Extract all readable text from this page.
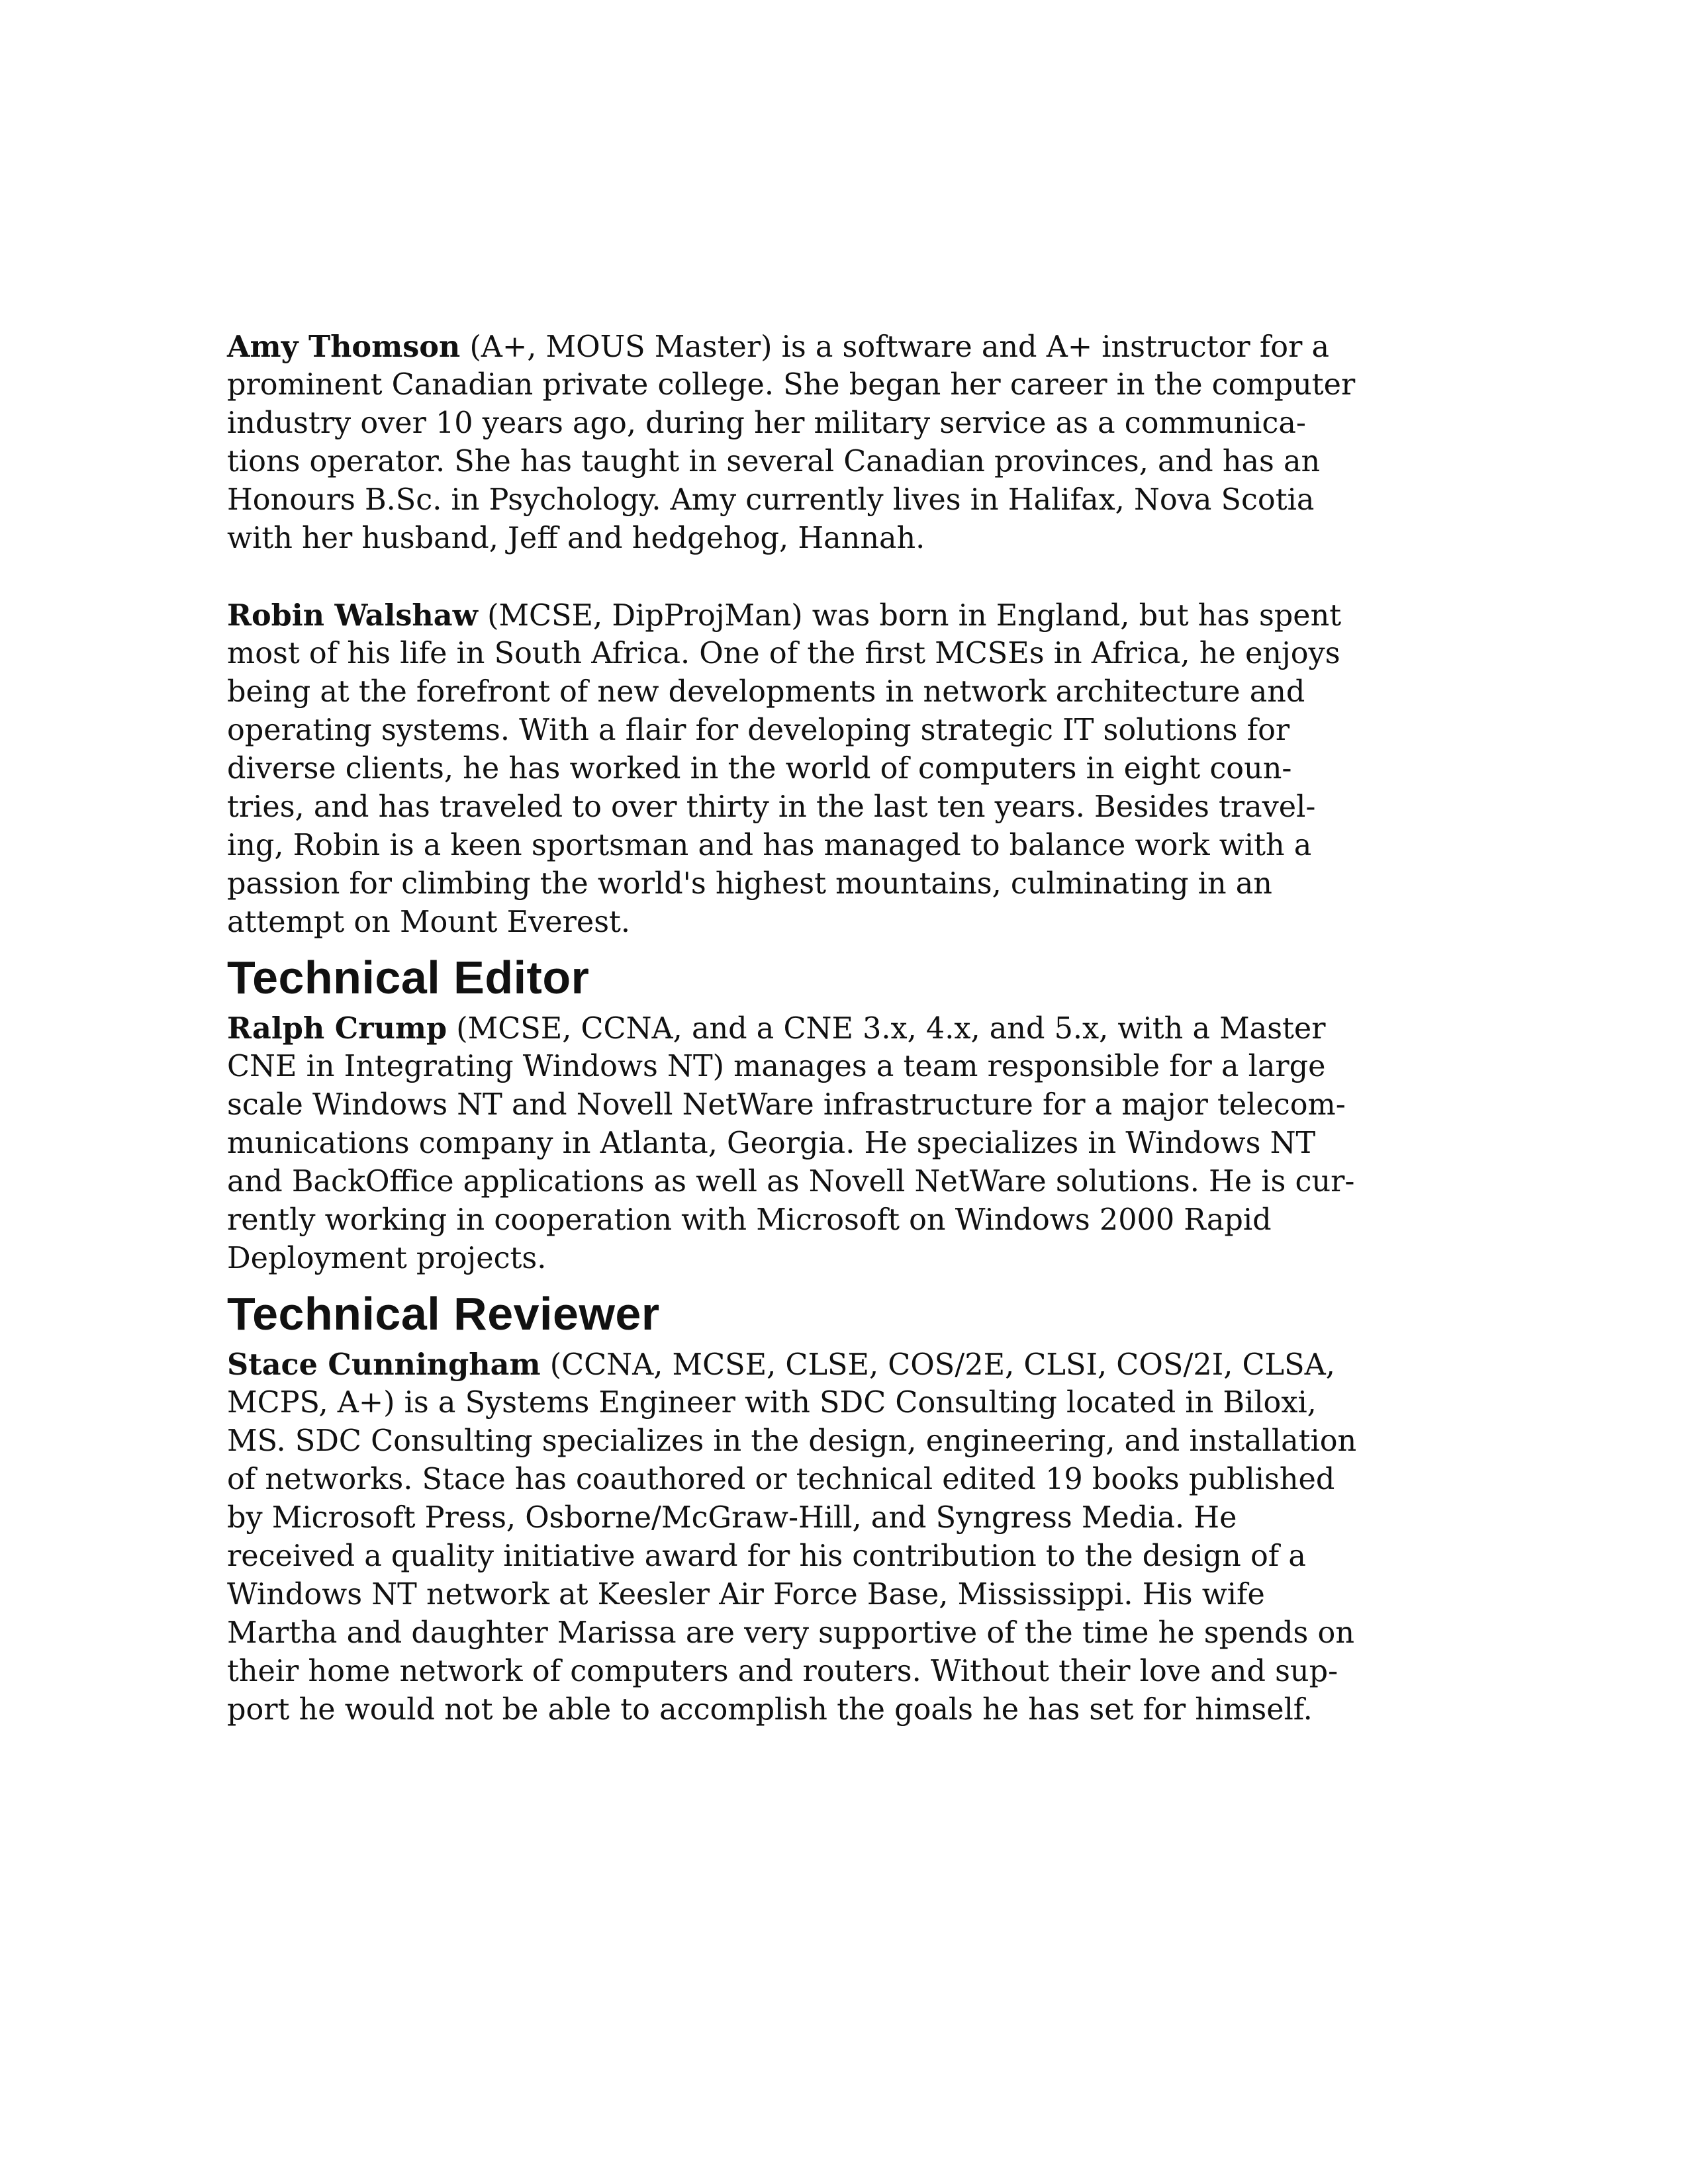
Amy Thomson (A+, MOUS Master) is a software and A+ instructor for a
prominent Canadian private college. She began her career in the computer
industry over 10 years ago, during her military service as a communica-
tions operator. She has taught in several Canadian provinces, and has an
Honours B.Sc. in Psychology. Amy currently lives in Halifax, Nova Scotia
with her husband, Jeff and hedgehog, Hannah.

Robin Walshaw (MCSE, DipProjMan) was born in England, but has spent
most of his life in South Africa. One of the first MCSEs in Africa, he enjoys
being at the forefront of new developments in network architecture and
operating systems. With a flair for developing strategic IT solutions for
diverse clients, he has worked in the world of computers in eight coun-
tries, and has traveled to over thirty in the last ten years. Besides travel-
ing, Robin is a keen sportsman and has managed to balance work with a
passion for climbing the world's highest mountains, culminating in an
attempt on Mount Everest.

Technical Editor

Ralph Crump (MCSE, CCNA, and a CNE 3.x, 4.x, and 5.x, with a Master
CNE in Integrating Windows NT) manages a team responsible for a large
scale Windows NT and Novell NetWare infrastructure for a major telecom-
munications company in Atlanta, Georgia. He specializes in Windows NT
and BackOffice applications as well as Novell NetWare solutions. He is cur-
rently working in cooperation with Microsoft on Windows 2000 Rapid
Deployment projects.

Technical Reviewer

Stace Cunningham (CCNA, MCSE, CLSE, COS/2E, CLSI, COS/2I, CLSA,
MCPS, A+) is a Systems Engineer with SDC Consulting located in Biloxi,
MS. SDC Consulting specializes in the design, engineering, and installation
of networks. Stace has coauthored or technical edited 19 books published
by Microsoft Press, Osborne/McGraw-Hill, and Syngress Media. He
received a quality initiative award for his contribution to the design of a
Windows NT network at Keesler Air Force Base, Mississippi. His wife
Martha and daughter Marissa are very supportive of the time he spends on
their home network of computers and routers. Without their love and sup-
port he would not be able to accomplish the goals he has set for himself.
